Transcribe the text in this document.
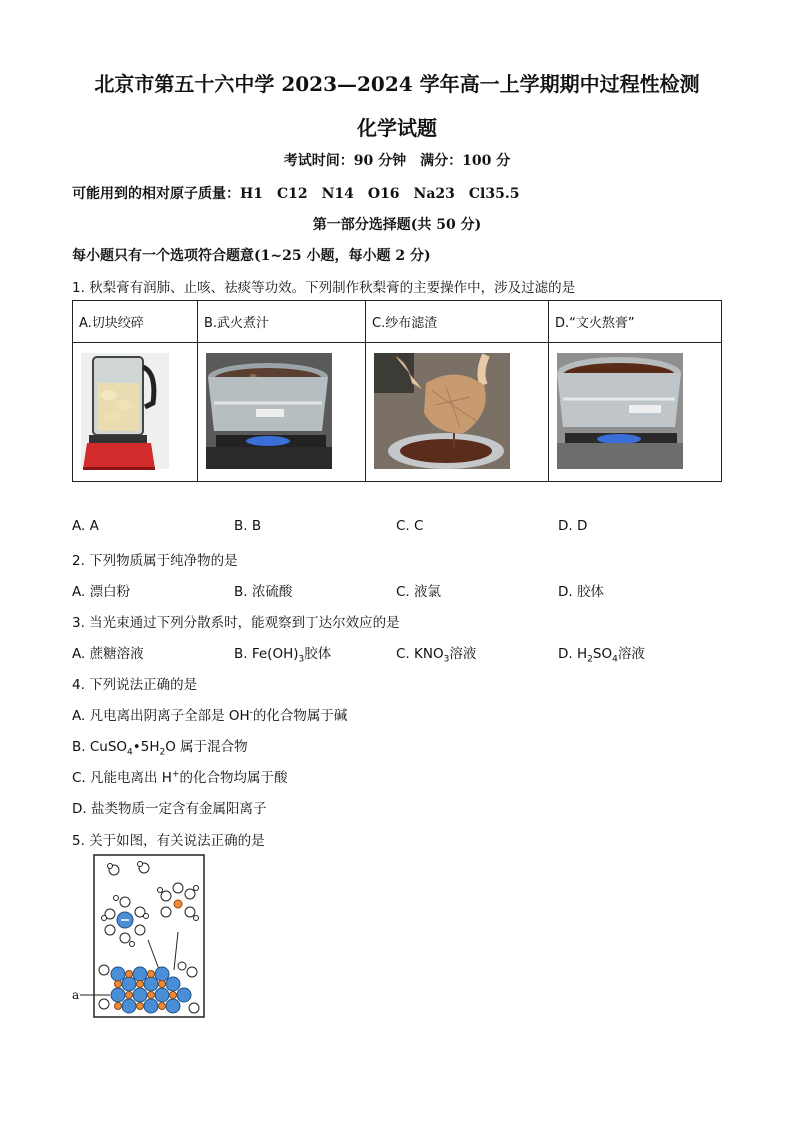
北京市第五十六中学 2023—2024 学年高一上学期期中过程性检测
化学试题
考试时间：90 分钟　满分：100 分
可能用到的相对原子质量：H1　C12　N14　O16　Na23　Cl35.5
第一部分选择题(共 50 分)
每小题只有一个选项符合题意(1~25 小题，每小题 2 分)
1. 秋梨膏有润肺、止咳、祛痰等功效。下列制作秋梨膏的主要操作中，涉及过滤的是
A.切块绞碎	B.武火煮汁	C.纱布滤渣	D.“文火熬膏”

A. A	B. B	C. C	D. D
2. 下列物质属于纯净物的是
A. 漂白粉	B. 浓硫酸	C. 液氯	D. 胶体
3. 当光束通过下列分散系时，能观察到丁达尔效应的是
A. 蔗糖溶液	B. $Fe(OH)_3$胶体	C. $KNO_3$溶液	D. $H_2SO_4$溶液
4. 下列说法正确的是
A. 凡电离出阴离子全部是 OH-的化合物属于碱
B. $CuSO_4•5H_2O$ 属于混合物
C. 凡能电离出 H+的化合物均属于酸
D. 盐类物质一定含有金属阳离子
5. 关于如图，有关说法正确的是
a
